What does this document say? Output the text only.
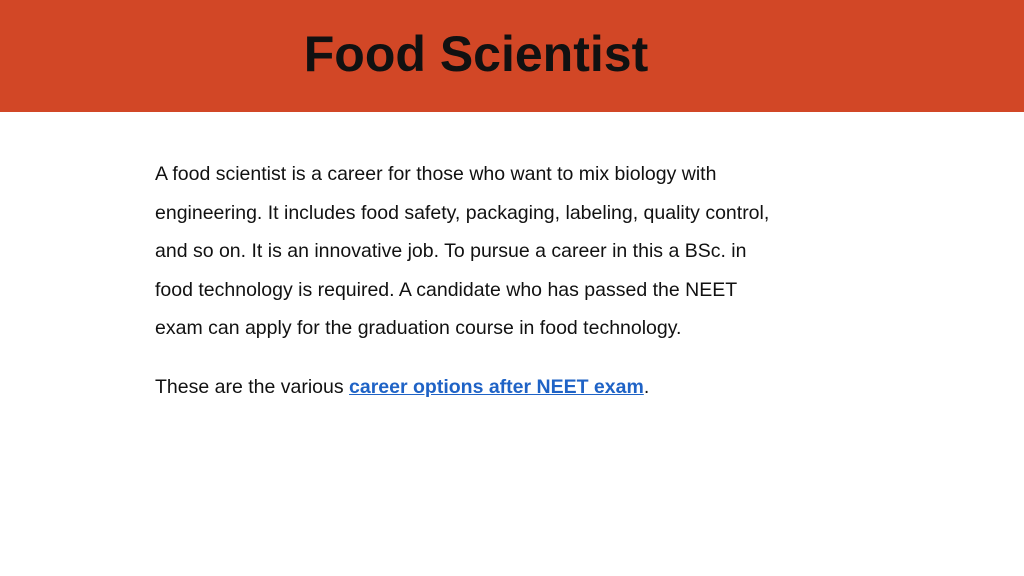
Food Scientist

A food scientist is a career for those who want to mix biology with
engineering. It includes food safety, packaging, labeling, quality control,
and so on. It is an innovative job. To pursue a career in this a BSc. in
food technology is required. A candidate who has passed the NEET
exam can apply for the graduation course in food technology.

These are the various career options after NEET exam.
